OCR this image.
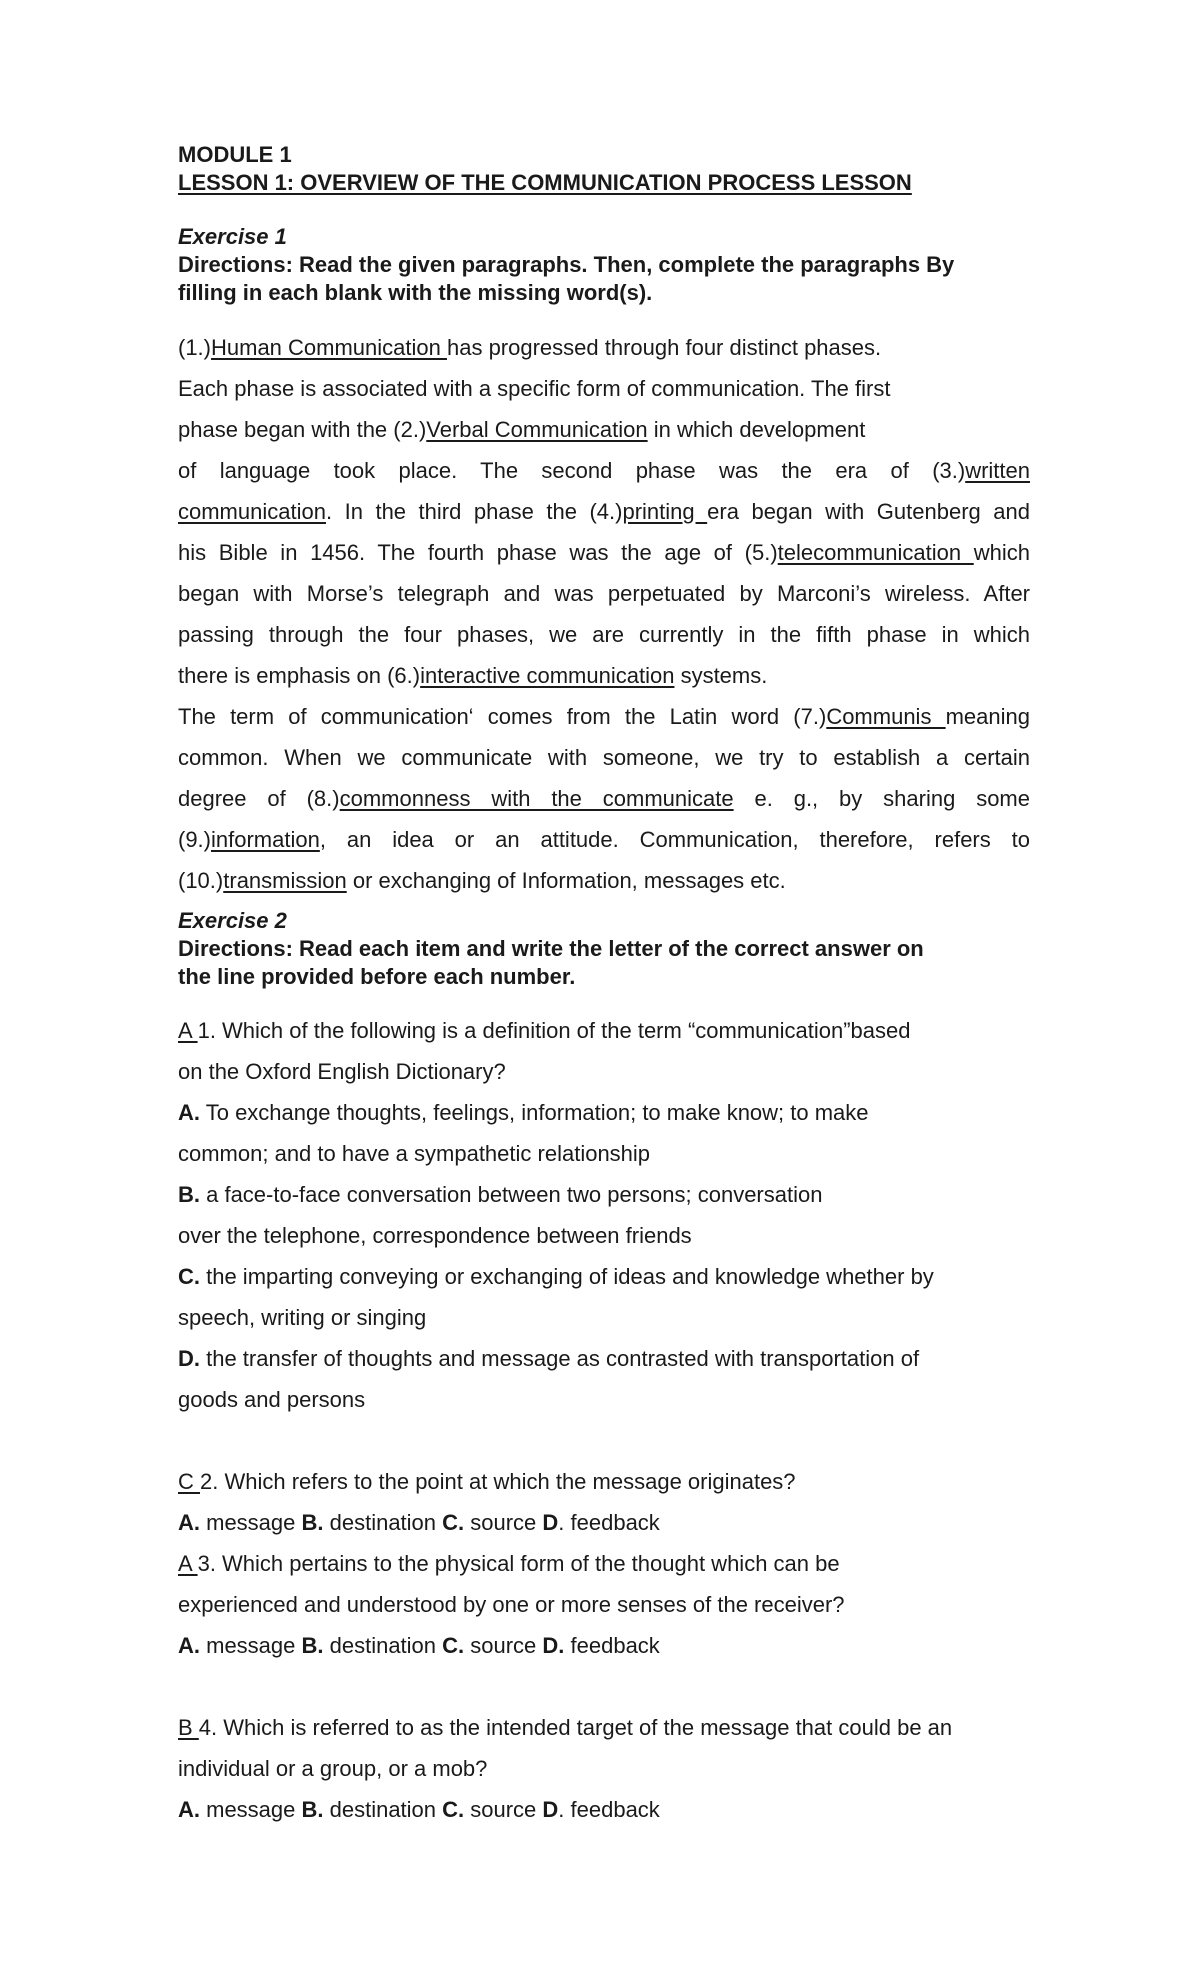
MODULE 1
LESSON 1: OVERVIEW OF THE COMMUNICATION PROCESS LESSON
Exercise 1
Directions: Read the given paragraphs. Then, complete the paragraphs By
filling in each blank with the missing word(s).
(1.)Human Communication has progressed through four distinct phases.
Each phase is associated with a specific form of communication. The first
phase began with the (2.)Verbal Communication in which development
of language took place. The second phase was the era of (3.)written
communication. In the third phase the (4.)printing era began with Gutenberg and
his Bible in 1456. The fourth phase was the age of (5.)telecommunication which
began with Morse’s telegraph and was perpetuated by Marconi’s wireless. After
passing through the four phases, we are currently in the fifth phase in which
there is emphasis on (6.)interactive communication systems.
The term of communication‘ comes from the Latin word (7.)Communis meaning
common. When we communicate with someone, we try to establish a certain
degree of (8.)commonness with the communicate e. g., by sharing some
(9.)information, an idea or an attitude. Communication, therefore, refers to
(10.)transmission or exchanging of Information, messages etc.
Exercise 2
Directions: Read each item and write the letter of the correct answer on
the line provided before each number.
A 1. Which of the following is a definition of the term “communication”based
on the Oxford English Dictionary?
A. To exchange thoughts, feelings, information; to make know; to make
common; and to have a sympathetic relationship
B. a face-to-face conversation between two persons; conversation
over the telephone, correspondence between friends
C. the imparting conveying or exchanging of ideas and knowledge whether by
speech, writing or singing
D. the transfer of thoughts and message as contrasted with transportation of
goods and persons
C 2. Which refers to the point at which the message originates?
A. message B. destination C. source D. feedback
A 3. Which pertains to the physical form of the thought which can be
experienced and understood by one or more senses of the receiver?
A. message B. destination C. source D. feedback
B 4. Which is referred to as the intended target of the message that could be an
individual or a group, or a mob?
A. message B. destination C. source D. feedback
